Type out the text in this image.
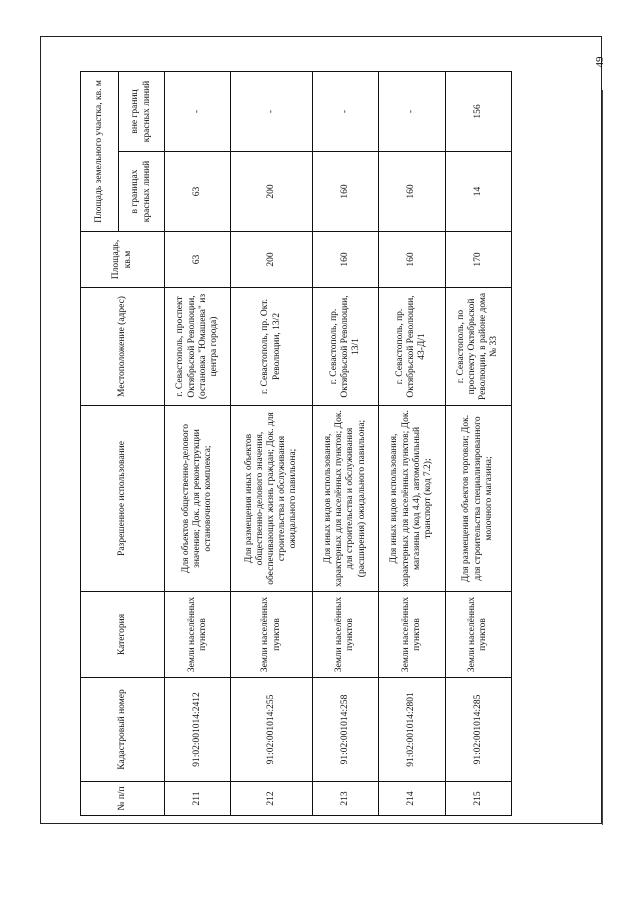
49
№ п/п	Кадастровый номер	Категория	Разрешенное использование	Местоположение (адрес)	Площадь, кв.м	Площадь земельного участка, кв. м	
						в границах красных линий	вне границ красных линий
211	91:02:001014:2412	Земли населённых пунктов	Для объектов общественно-делового значения; Док. для реконструкции остановочного комплекса;	г. Севастополь, проспект Октябрьской Революции, (остановка "Юмашева" из центра города)	63	63	-
212	91:02:001014:255	Земли населённых пунктов	Для размещения иных объектов общественно-делового значения, обеспечивающих жизнь граждан; Док. для строительства и обслуживания ожидального павильона;	г. Севастополь, пр. Окт. Революции, 13/2	200	200	-
213	91:02:001014:258	Земли населённых пунктов	Для иных видов использования, характерных для населённых пунктов; Док. для строительства и обслуживания (расширения) ожидального павильона;	г. Севастополь, пр. Октябрьской Революции, 13/1	160	160	-
214	91:02:001014:2801	Земли населённых пунктов	Для иных видов использования, характерных для населённых пунктов; Док. магазины (код 4.4), автомобильный транспорт (код 7.2);	г. Севастополь, пр. Октябрьской Революции, 43-Д/1	160	160	-
215	91:02:001014:285	Земли населённых пунктов	Для размещения объектов торговли; Док. для строительства специализированного молочного магазина;	г. Севастополь, по проспекту Октябрьской Революции, в районе дома № 33	170	14	156
